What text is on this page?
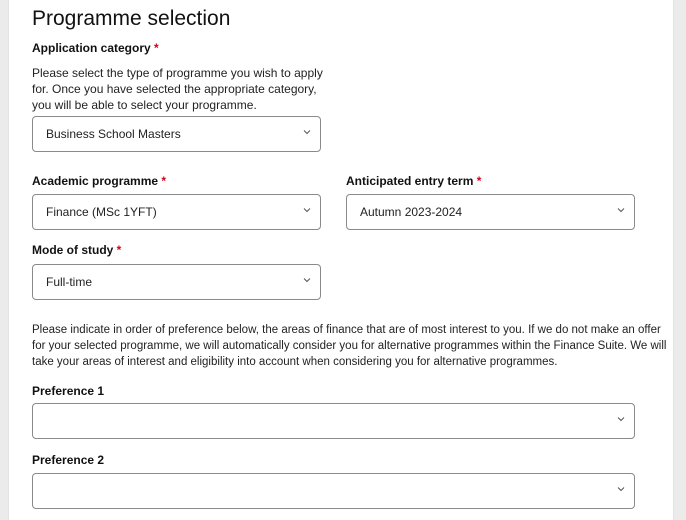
Programme selection
Application category *
Please select the type of programme you wish to apply
for. Once you have selected the appropriate category,
you will be able to select your programme.
Business School Masters
Academic programme *
Finance (MSc 1YFT)
Anticipated entry term *
Autumn 2023-2024
Mode of study *
Full-time
Please indicate in order of preference below, the areas of finance that are of most interest to you. If we do not make an offer
for your selected programme, we will automatically consider you for alternative programmes within the Finance Suite. We will
take your areas of interest and eligibility into account when considering you for alternative programmes.
Preference 1
Preference 2
